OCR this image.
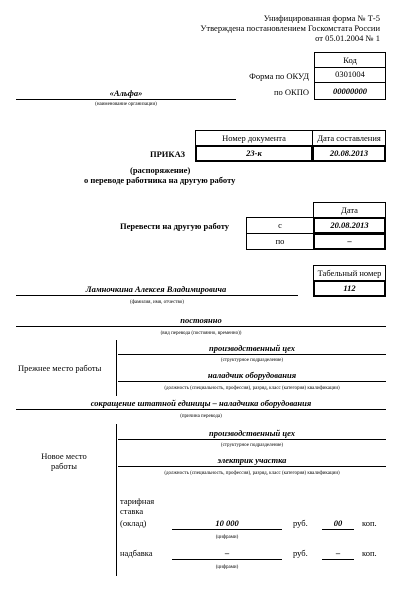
Унифицированная форма № Т-5
Утверждена постановлением Госкомстата России
от 05.01.2004 № 1
Код
Форма по ОКУД	0301004
по ОКПО	00000000
«Альфа»
(наименование организации)
Номер документа	Дата составления
ПРИКАЗ	23-к	20.08.2013
(распоряжение)
о переводе работника на другую работу
Дата
Перевести на другую работу	с	20.08.2013
по	–
Табельный номер
Ламночкина Алексея Владимировича	112
(фамилия, имя, отчество)
постоянно
(вид перевода (постоянно, временно))
Прежнее место работы
производственный цех
(структурное подразделение)
наладчик оборудования
(должность (специальность, профессия), разряд, класс (категория) квалификации)
сокращение штатной единицы – наладчика оборудования
(причина перевода)
Новое место
работы
производственный цех
(структурное подразделение)
электрик участка
(должность (специальность, профессия), разряд, класс (категория) квалификации)
тарифная
ставка
(оклад)	10 000	руб.	00	коп.
(цифрами)
надбавка	–	руб.	–	коп.
(цифрами)
